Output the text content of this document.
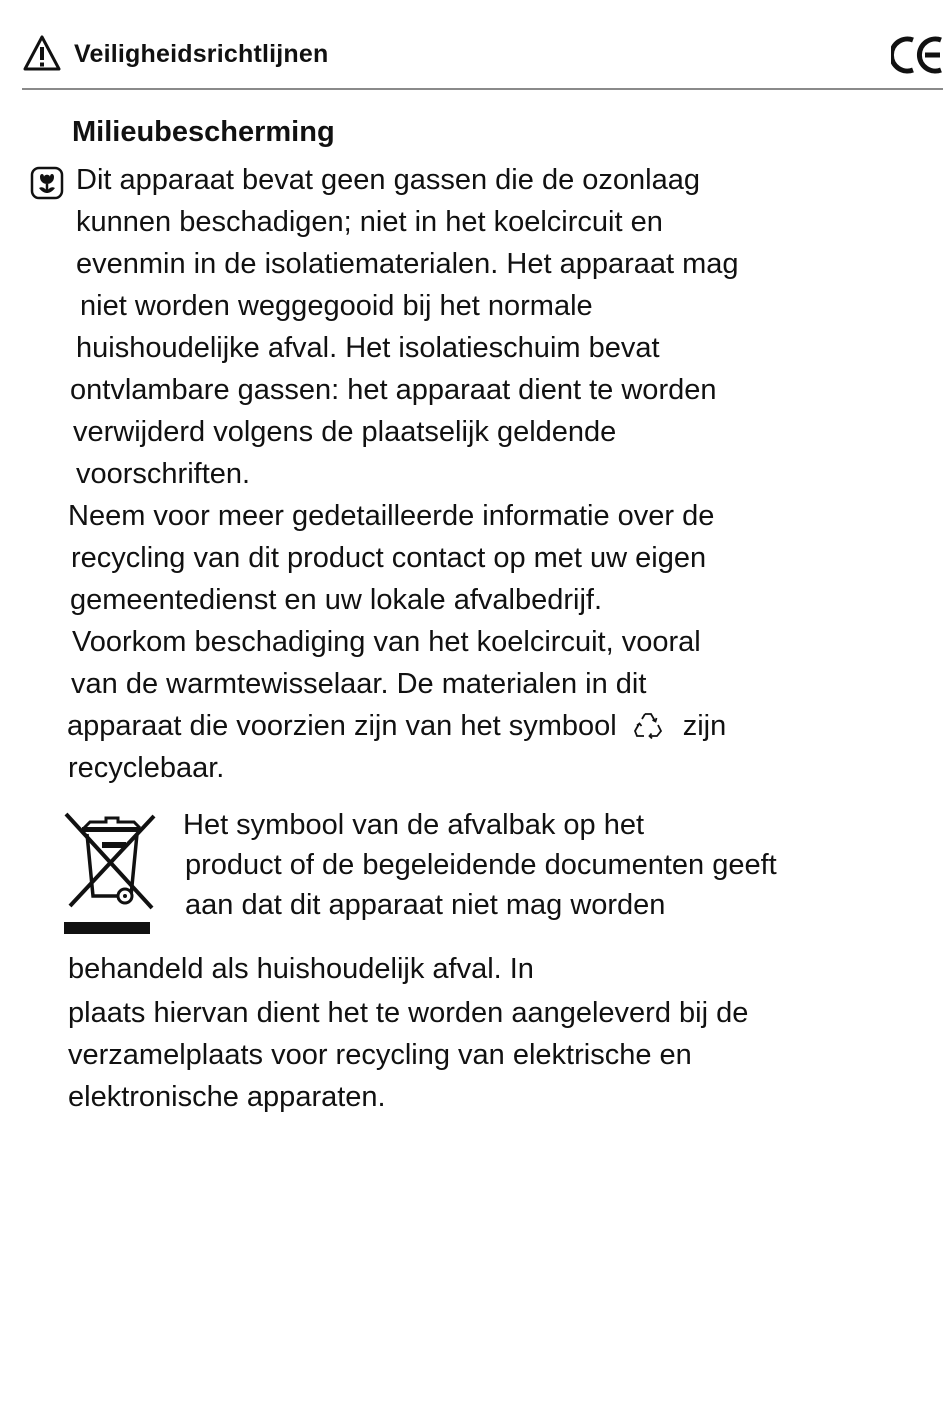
Veiligheidsrichtlijnen
Milieubescherming
Dit apparaat bevat geen gassen die de ozonlaag
kunnen beschadigen; niet in het koelcircuit en
evenmin in de isolatiematerialen. Het apparaat mag
niet worden weggegooid bij het normale
huishoudelijke afval. Het isolatieschuim bevat
ontvlambare gassen: het apparaat dient te worden
verwijderd volgens de plaatselijk geldende
voorschriften.
Neem voor meer gedetailleerde informatie over de
recycling van dit product contact op met uw eigen
gemeentedienst en uw lokale afvalbedrijf.
Voorkom beschadiging van het koelcircuit, vooral
van de warmtewisselaar. De materialen in dit
apparaat die voorzien zijn van het symbool zijn
recyclebaar.
Het symbool van de afvalbak op het
product of de begeleidende documenten geeft
aan dat dit apparaat niet mag worden
behandeld als huishoudelijk afval. In
plaats hiervan dient het te worden aangeleverd bij de
verzamelplaats voor recycling van elektrische en
elektronische apparaten.
